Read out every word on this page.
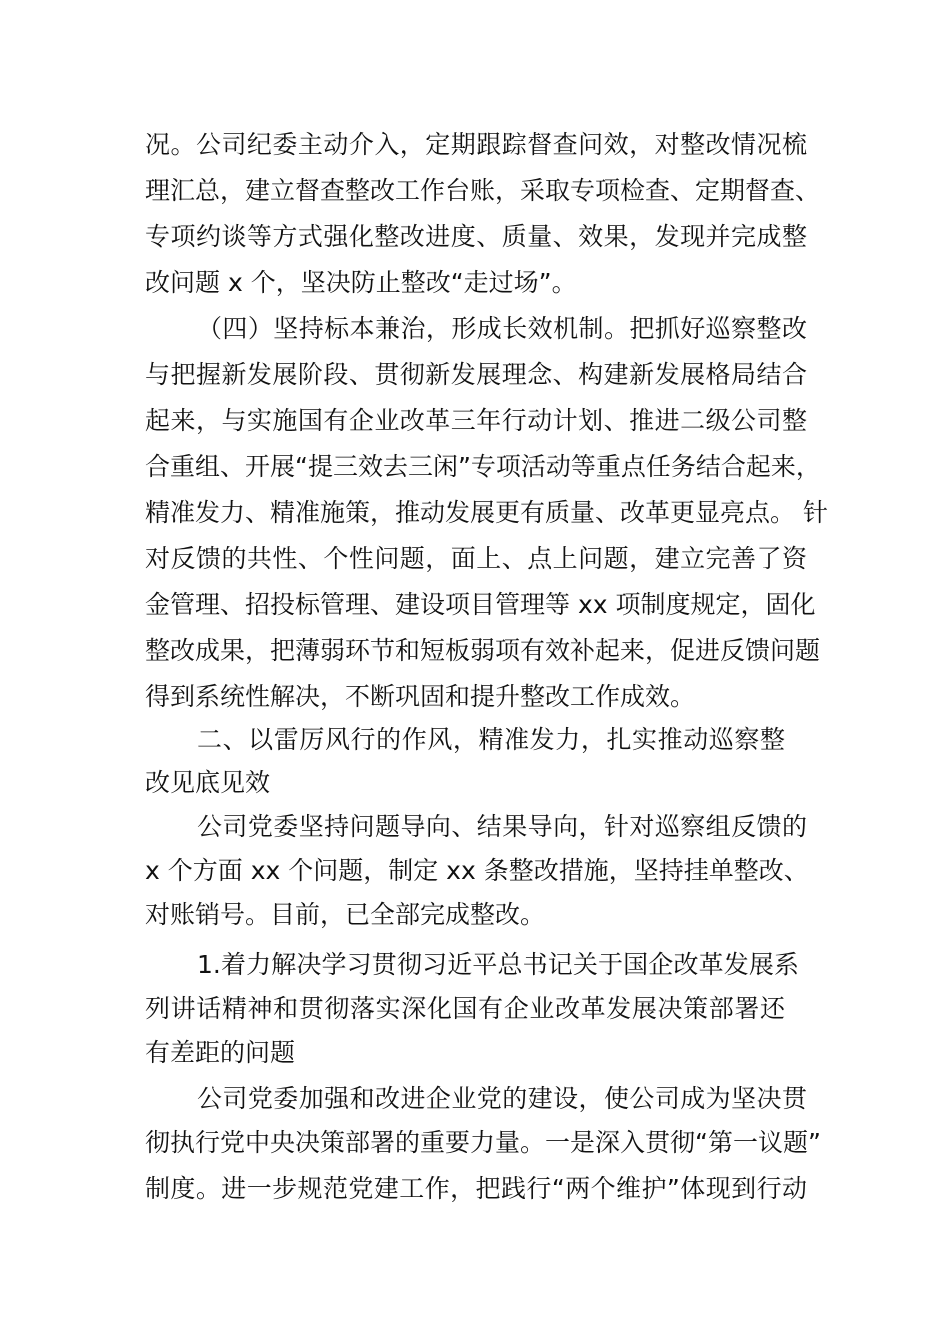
况。公司纪委主动介入，定期跟踪督查问效，对整改情况梳
理汇总，建立督查整改工作台账，采取专项检查、定期督查、
专项约谈等方式强化整改进度、质量、效果，发现并完成整
改问题 x 个，坚决防止整改“走过场”。
（四）坚持标本兼治，形成长效机制。把抓好巡察整改
与把握新发展阶段、贯彻新发展理念、构建新发展格局结合
起来，与实施国有企业改革三年行动计划、推进二级公司整
合重组、开展“提三效去三闲”专项活动等重点任务结合起来，
精准发力、精准施策，推动发展更有质量、改革更显亮点。 针
对反馈的共性、个性问题，面上、点上问题，建立完善了资
金管理、招投标管理、建设项目管理等 xx 项制度规定，固化
整改成果，把薄弱环节和短板弱项有效补起来，促进反馈问题
得到系统性解决，不断巩固和提升整改工作成效。
二、以雷厉风行的作风，精准发力，扎实推动巡察整
改见底见效
公司党委坚持问题导向、结果导向，针对巡察组反馈的
x 个方面 xx 个问题，制定 xx 条整改措施，坚持挂单整改、
对账销号。目前，已全部完成整改。
1.着力解决学习贯彻习近平总书记关于国企改革发展系
列讲话精神和贯彻落实深化国有企业改革发展决策部署还
有差距的问题
公司党委加强和改进企业党的建设，使公司成为坚决贯
彻执行党中央决策部署的重要力量。一是深入贯彻“第一议题”
制度。进一步规范党建工作，把践行“两个维护”体现到行动
